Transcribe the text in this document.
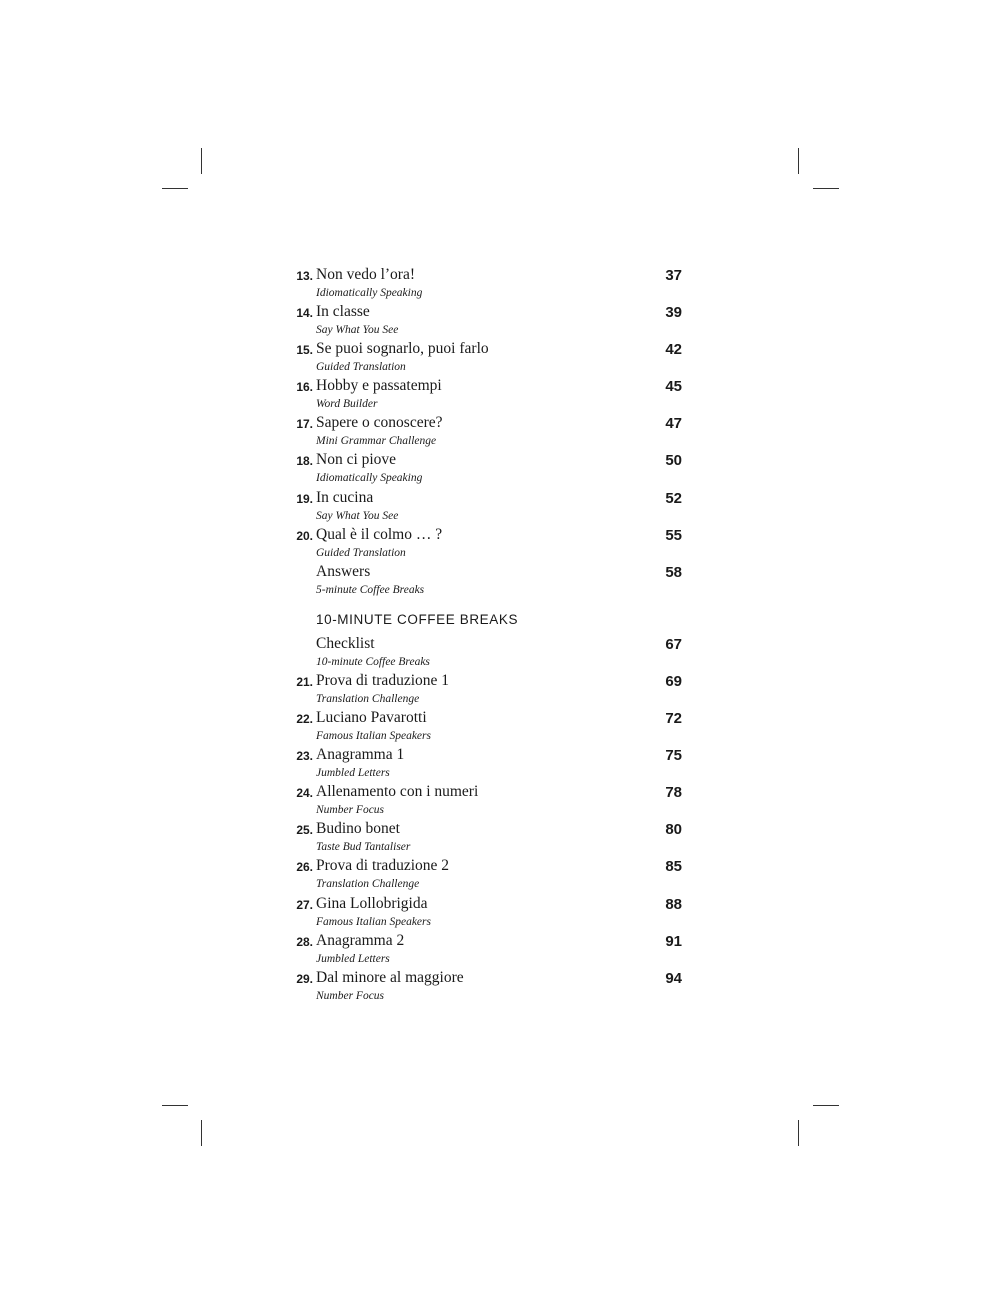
13. Non vedo l’ora!
Idiomatically Speaking
37
14. In classe
Say What You See
39
15. Se puoi sognarlo, puoi farlo
Guided Translation
42
16. Hobby e passatempi
Word Builder
45
17. Sapere o conoscere?
Mini Grammar Challenge
47
18. Non ci piove
Idiomatically Speaking
50
19. In cucina
Say What You See
52
20. Qual è il colmo … ?
Guided Translation
55
Answers
5-minute Coffee Breaks
58
10-MINUTE COFFEE BREAKS
Checklist
10-minute Coffee Breaks
67
21. Prova di traduzione 1
Translation Challenge
69
22. Luciano Pavarotti
Famous Italian Speakers
72
23. Anagramma 1
Jumbled Letters
75
24. Allenamento con i numeri
Number Focus
78
25. Budino bonet
Taste Bud Tantaliser
80
26. Prova di traduzione 2
Translation Challenge
85
27. Gina Lollobrigida
Famous Italian Speakers
88
28. Anagramma 2
Jumbled Letters
91
29. Dal minore al maggiore
Number Focus
94
